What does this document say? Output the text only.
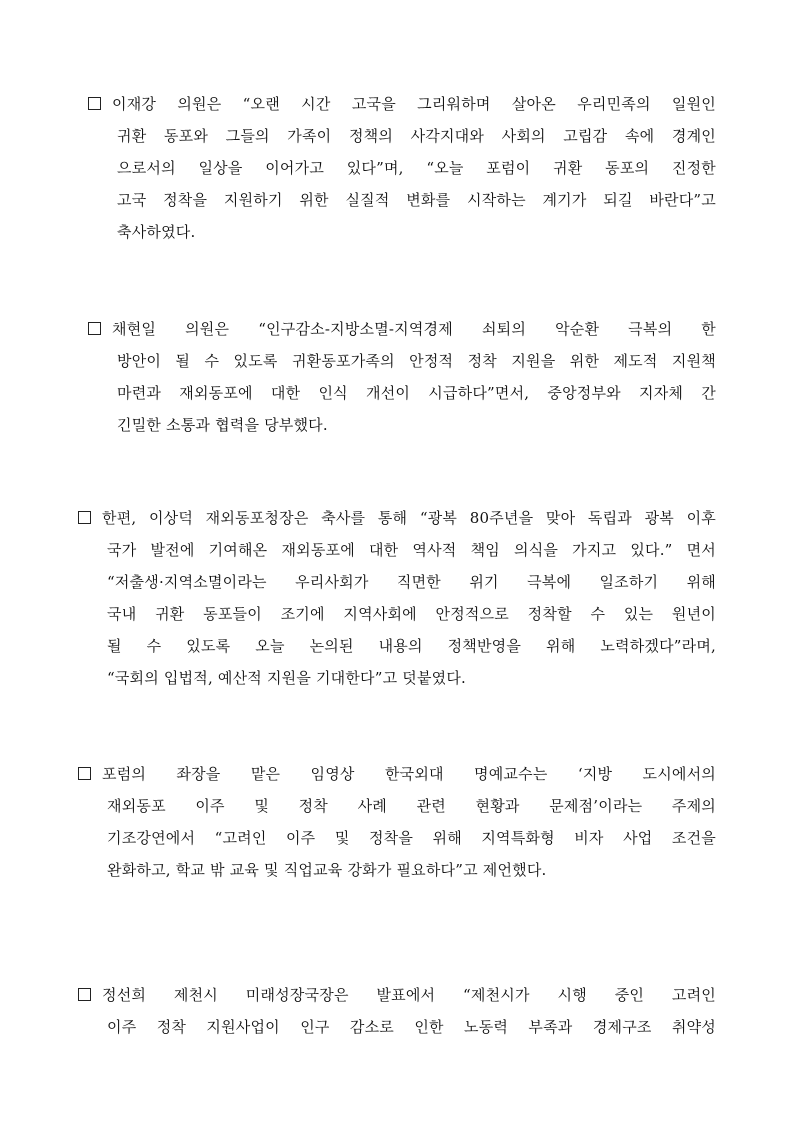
이재강 의원은 “오랜 시간 고국을 그리워하며 살아온 우리민족의 일원인
귀환 동포와 그들의 가족이 정책의 사각지대와 사회의 고립감 속에 경계인
으로서의 일상을 이어가고 있다”며, “오늘 포럼이 귀환 동포의 진정한
고국 정착을 지원하기 위한 실질적 변화를 시작하는 계기가 되길 바란다”고
축사하였다.
채현일 의원은 “인구감소-지방소멸-지역경제 쇠퇴의 악순환 극복의 한
방안이 될 수 있도록 귀환동포가족의 안정적 정착 지원을 위한 제도적 지원책
마련과 재외동포에 대한 인식 개선이 시급하다”면서, 중앙정부와 지자체 간
긴밀한 소통과 협력을 당부했다.
한편, 이상덕 재외동포청장은 축사를 통해 “광복 80주년을 맞아 독립과 광복 이후
국가 발전에 기여해온 재외동포에 대한 역사적 책임 의식을 가지고 있다.” 면서
“저출생·지역소멸이라는 우리사회가 직면한 위기 극복에 일조하기 위해
국내 귀환 동포들이 조기에 지역사회에 안정적으로 정착할 수 있는 원년이
될 수 있도록 오늘 논의된 내용의 정책반영을 위해 노력하겠다”라며,
“국회의 입법적, 예산적 지원을 기대한다”고 덧붙였다.
포럼의 좌장을 맡은 임영상 한국외대 명예교수는 ‘지방 도시에서의
재외동포 이주 및 정착 사례 관련 현황과 문제점’이라는 주제의
기조강연에서 “고려인 이주 및 정착을 위해 지역특화형 비자 사업 조건을
완화하고, 학교 밖 교육 및 직업교육 강화가 필요하다”고 제언했다.
정선희 제천시 미래성장국장은 발표에서 “제천시가 시행 중인 고려인
이주 정착 지원사업이 인구 감소로 인한 노동력 부족과 경제구조 취약성
